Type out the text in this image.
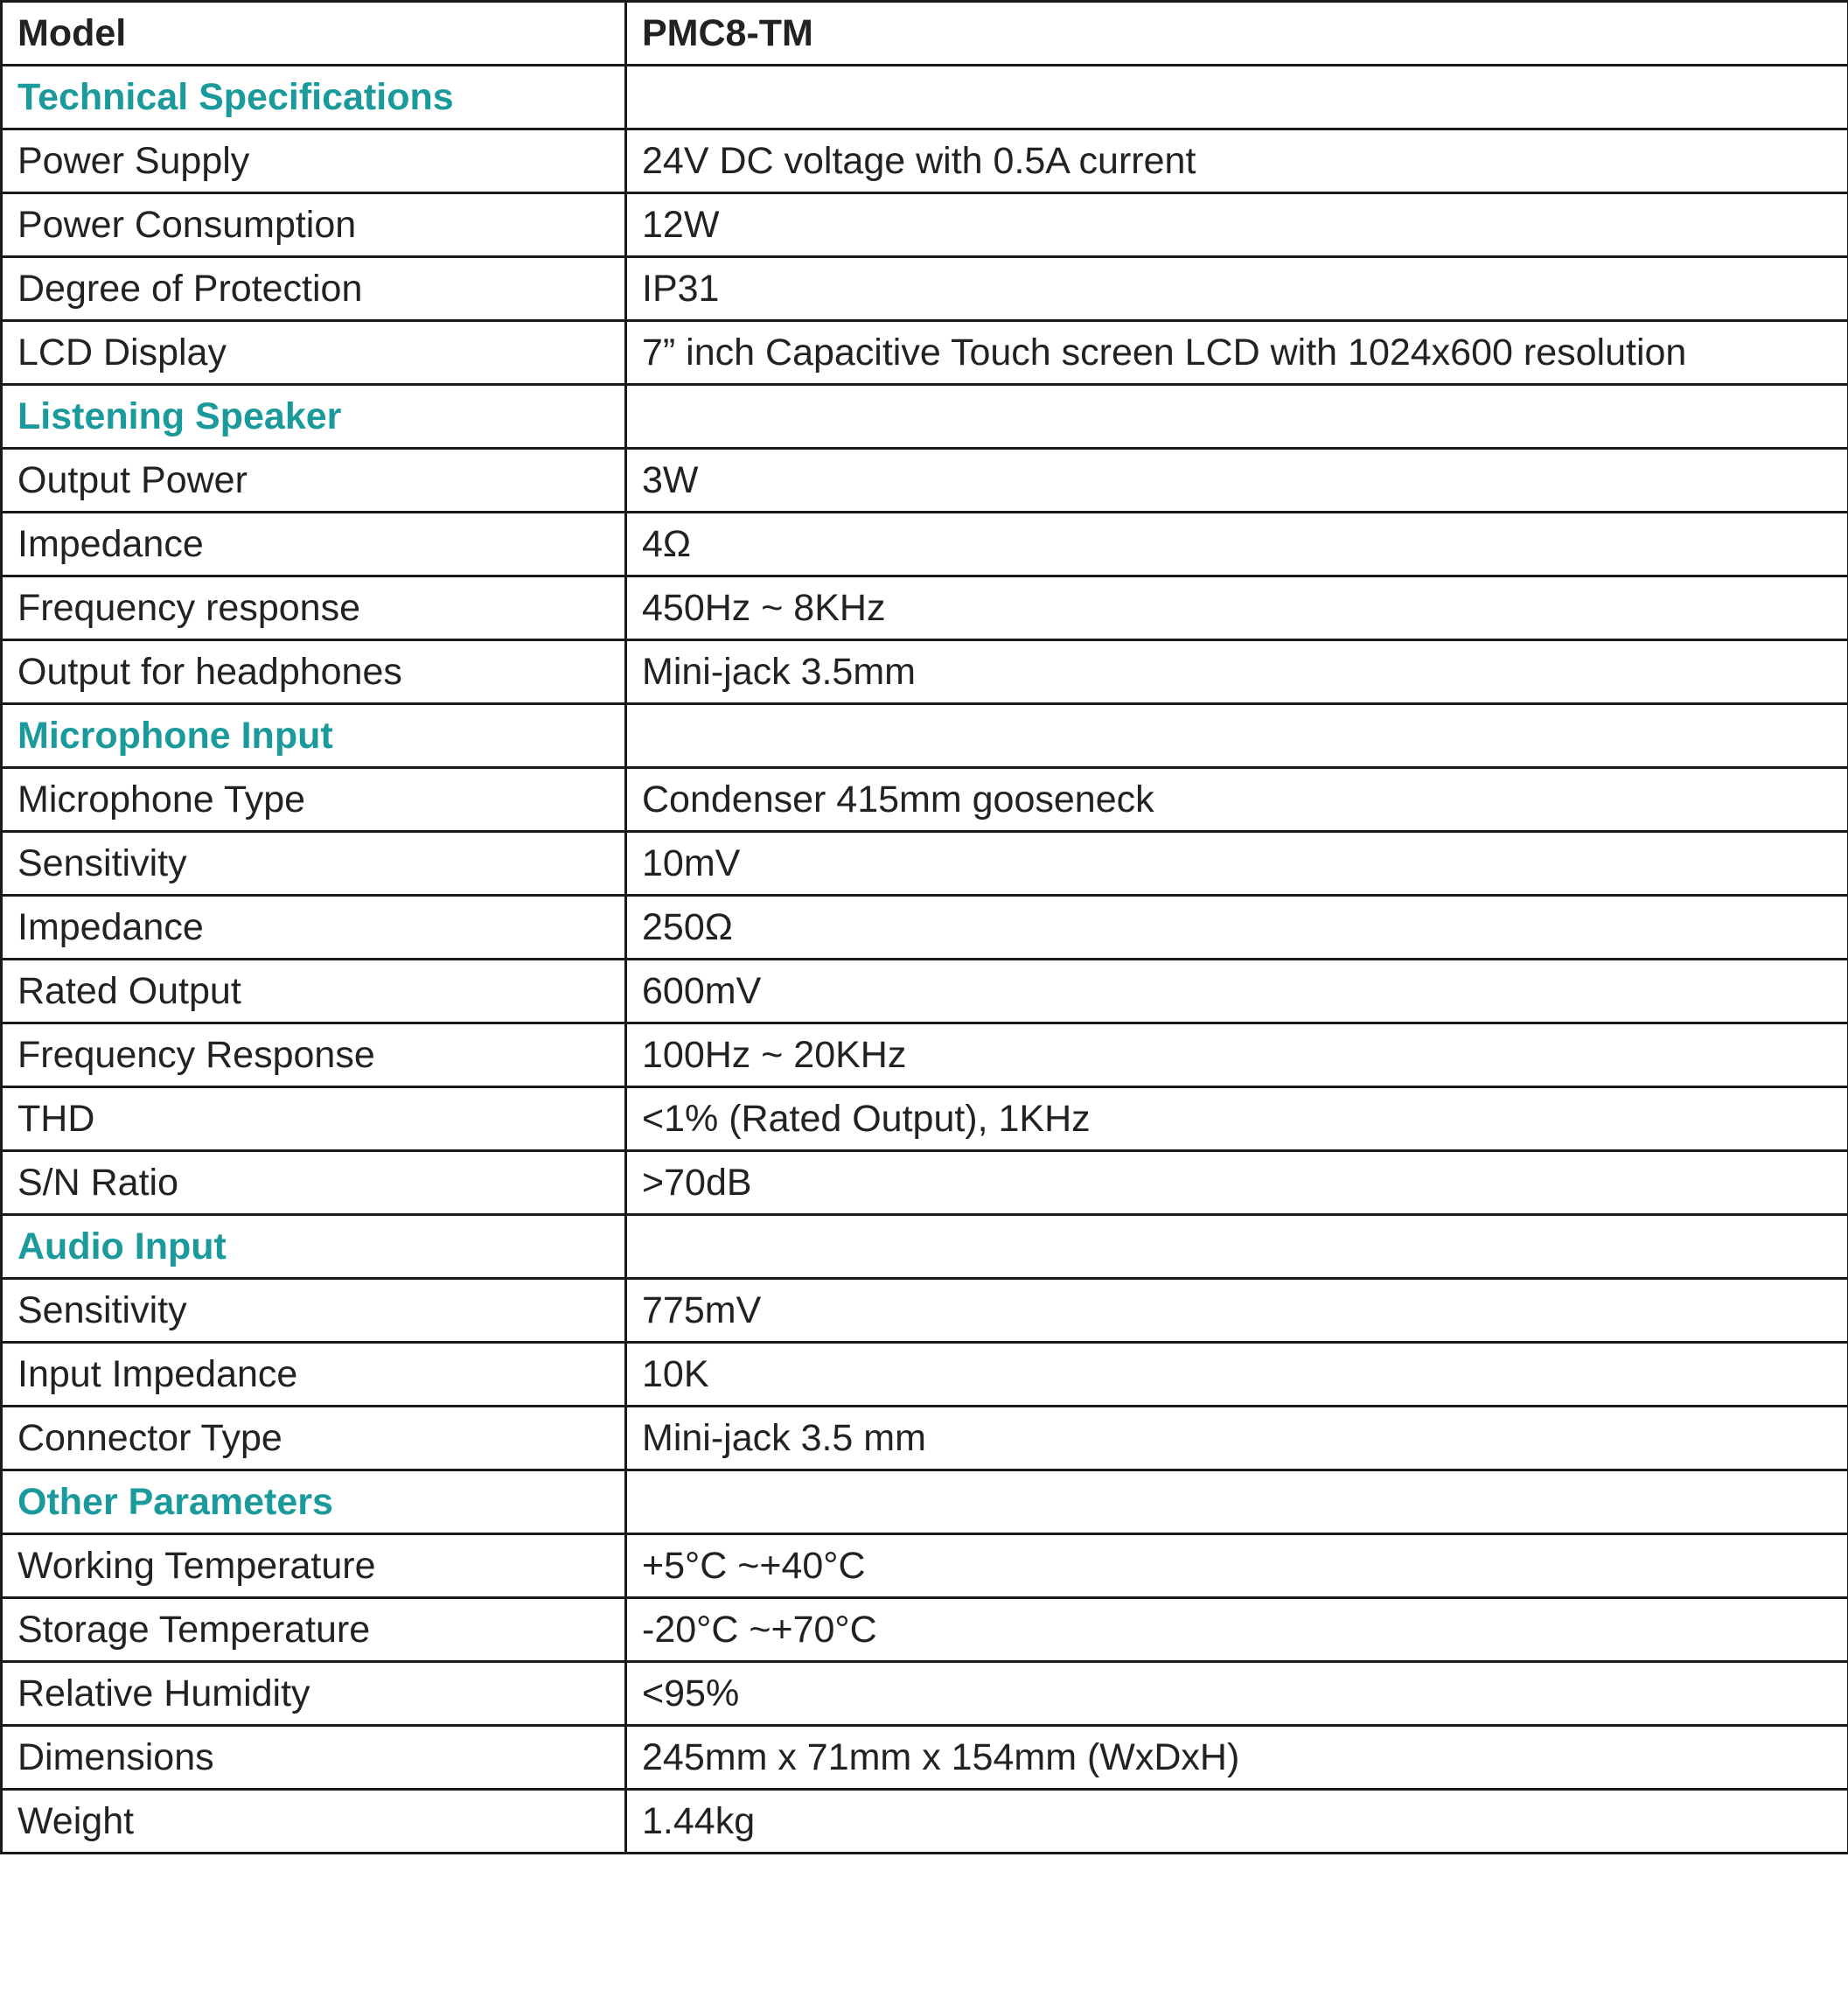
Model	PMC8-TM
Technical Specifications	
Power Supply	24V DC voltage with 0.5A current
Power Consumption	12W
Degree of Protection	IP31
LCD Display	7” inch Capacitive Touch screen LCD with 1024x600 resolution
Listening Speaker	
Output Power	3W
Impedance	4Ω
Frequency response	450Hz ~ 8KHz
Output for headphones	Mini-jack 3.5mm
Microphone Input	
Microphone Type	Condenser 415mm gooseneck
Sensitivity	10mV
Impedance	250Ω
Rated Output	600mV
Frequency Response	100Hz ~ 20KHz
THD	<1% (Rated Output), 1KHz
S/N Ratio	>70dB
Audio Input	
Sensitivity	775mV
Input Impedance	10K
Connector Type	Mini-jack 3.5 mm
Other Parameters	
Working Temperature	+5°C ~+40°C
Storage Temperature	-20°C ~+70°C
Relative Humidity	<95%
Dimensions	245mm x 71mm x 154mm (WxDxH)
Weight	1.44kg
